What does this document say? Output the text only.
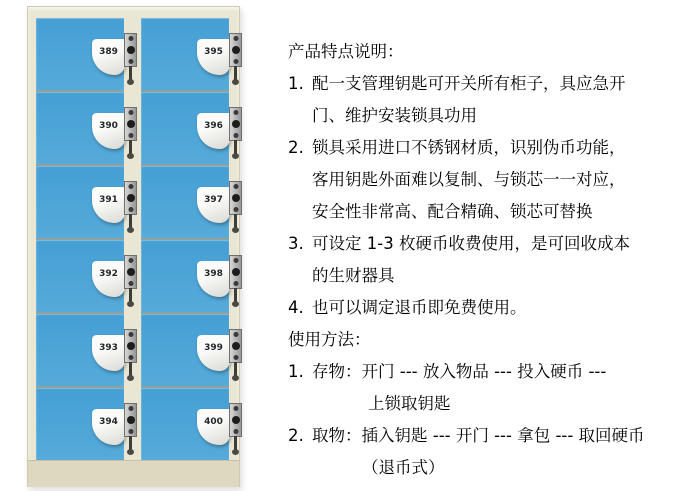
389
390
391
392
393
394
395
396
397
398
399
400
产品特点说明：
1. 配一支管理钥匙可开关所有柜子，具应急开
门、维护安装锁具功用
2. 锁具采用进口不锈钢材质，识别伪币功能，
客用钥匙外面难以复制、与锁芯一一对应，
安全性非常高、配合精确、锁芯可替换
3. 可设定 1-3 枚硬币收费使用，是可回收成本
的生财器具
4. 也可以调定退币即免费使用。
使用方法：
1. 存物：开门 --- 放入物品 --- 投入硬币 ---
上锁取钥匙
2. 取物：插入钥匙 --- 开门 --- 拿包 --- 取回硬币
（退币式）
